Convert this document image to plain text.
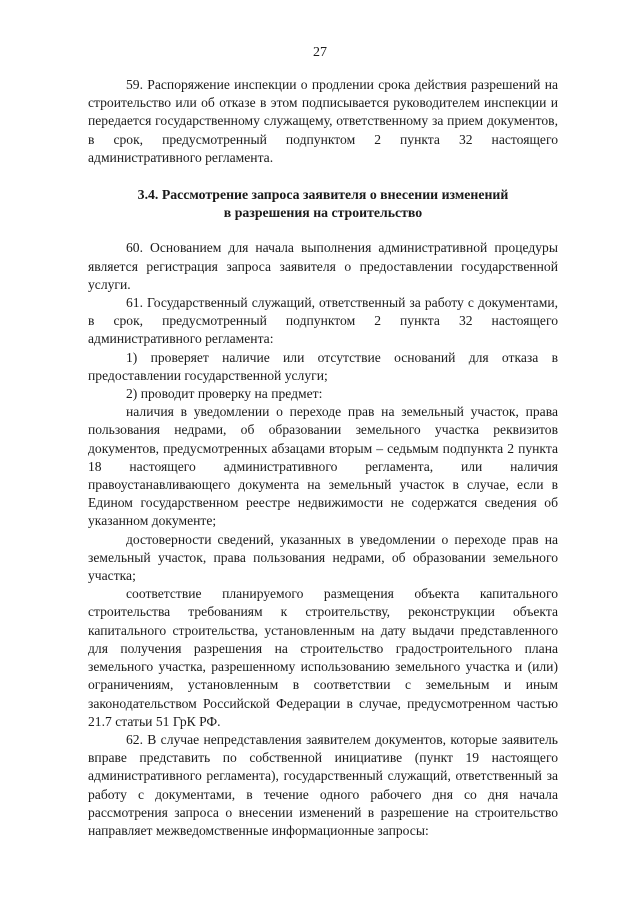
27

59. Распоряжение инспекции о продлении срока действия разрешений на строительство или об отказе в этом подписывается руководителем инспекции и передается государственному служащему, ответственному за прием документов, в срок, предусмотренный подпунктом 2 пункта 32 настоящего административного регламента.

3.4. Рассмотрение запроса заявителя о внесении изменений
в разрешения на строительство

60. Основанием для начала выполнения административной процедуры является регистрация запроса заявителя о предоставлении государственной услуги.

61. Государственный служащий, ответственный за работу с документами, в срок, предусмотренный подпунктом 2 пункта 32 настоящего административного регламента:

1) проверяет наличие или отсутствие оснований для отказа в предоставлении государственной услуги;

2) проводит проверку на предмет:

наличия в уведомлении о переходе прав на земельный участок, права пользования недрами, об образовании земельного участка реквизитов документов, предусмотренных абзацами вторым – седьмым подпункта 2 пункта 18 настоящего административного регламента, или наличия правоустанавливающего документа на земельный участок в случае, если в Едином государственном реестре недвижимости не содержатся сведения об указанном документе;

достоверности сведений, указанных в уведомлении о переходе прав на земельный участок, права пользования недрами, об образовании земельного участка;

соответствие планируемого размещения объекта капитального строительства требованиям к строительству, реконструкции объекта капитального строительства, установленным на дату выдачи представленного для получения разрешения на строительство градостроительного плана земельного участка, разрешенному использованию земельного участка и (или) ограничениям, установленным в соответствии с земельным и иным законодательством Российской Федерации в случае, предусмотренном частью 21.7 статьи 51 ГрК РФ.

62. В случае непредставления заявителем документов, которые заявитель вправе представить по собственной инициативе (пункт 19 настоящего административного регламента), государственный служащий, ответственный за работу с документами, в течение одного рабочего дня со дня начала рассмотрения запроса о внесении изменений в разрешение на строительство направляет межведомственные информационные запросы:
